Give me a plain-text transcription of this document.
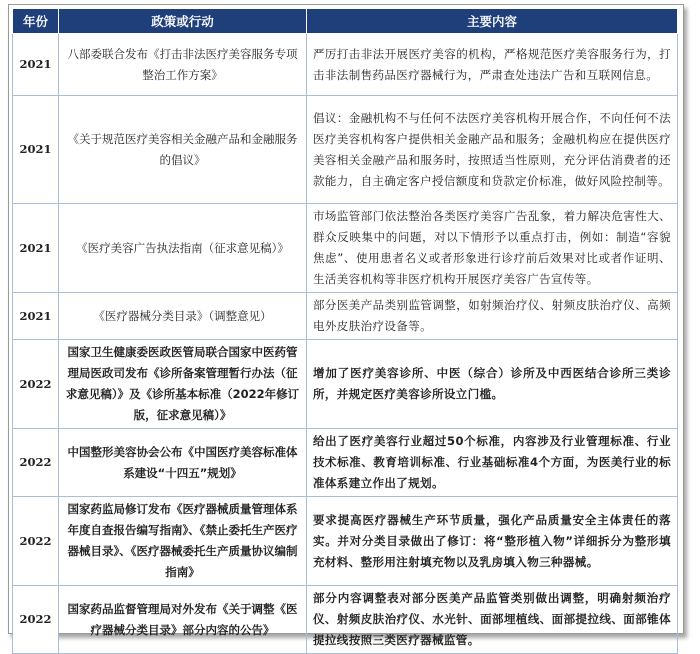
年份	政策或行动	主要内容
2021	八部委联合发布《打击非法医疗美容服务专项整治工作方案》	严厉打击非法开展医疗美容的机构，严格规范医疗美容服务行为，打击非法制售药品医疗器械行为，严肃查处违法广告和互联网信息。
2021	《关于规范医疗美容相关金融产品和金融服务的倡议》	倡议：金融机构不与任何不法医疗美容机构开展合作，不向任何不法医疗美容机构客户提供相关金融产品和服务；金融机构应在提供医疗美容相关金融产品和服务时，按照适当性原则，充分评估消费者的还款能力，自主确定客户授信额度和贷款定价标准，做好风险控制等。
2021	《医疗美容广告执法指南（征求意见稿）》	市场监管部门依法整治各类医疗美容广告乱象，着力解决危害性大、群众反映集中的问题，对以下情形予以重点打击，例如：制造“容貌焦虑”、使用患者名义或者形象进行诊疗前后效果对比或者作证明、生活美容机构等非医疗机构开展医疗美容广告宣传等。
2021	《医疗器械分类目录》（调整意见）	部分医美产品类别监管调整，如射频治疗仪、射频皮肤治疗仪、高频电外皮肤治疗设备等。
2022	国家卫生健康委医政医管局联合国家中医药管理局医政司发布《诊所备案管理暂行办法（征求意见稿）》及《诊所基本标准（2022年修订版，征求意见稿）》	增加了医疗美容诊所、中医（综合）诊所及中西医结合诊所三类诊所，并规定医疗美容诊所设立门槛。
2022	中国整形美容协会公布《中国医疗美容标准体系建设“十四五”规划》	给出了医疗美容行业超过50个标准，内容涉及行业管理标准、行业技术标准、教育培训标准、行业基础标准4个方面，为医美行业的标准体系建立作出了规划。
2022	国家药监局修订发布《医疗器械质量管理体系年度自查报告编写指南》、《禁止委托生产医疗器械目录》、《医疗器械委托生产质量协议编制指南》	要求提高医疗器械生产环节质量，强化产品质量安全主体责任的落实。并对分类目录做出了修订：将“整形植入物”详细拆分为整形填充材料、整形用注射填充物以及乳房填入物三种器械。
2022	国家药品监督管理局对外发布《关于调整《医疗器械分类目录》部分内容的公告》	部分内容调整表对部分医美产品监管类别做出调整，明确射频治疗仪、射频皮肤治疗仪、水光针、面部埋植线、面部提拉线、面部锥体提拉线按照三类医疗器械监管。
